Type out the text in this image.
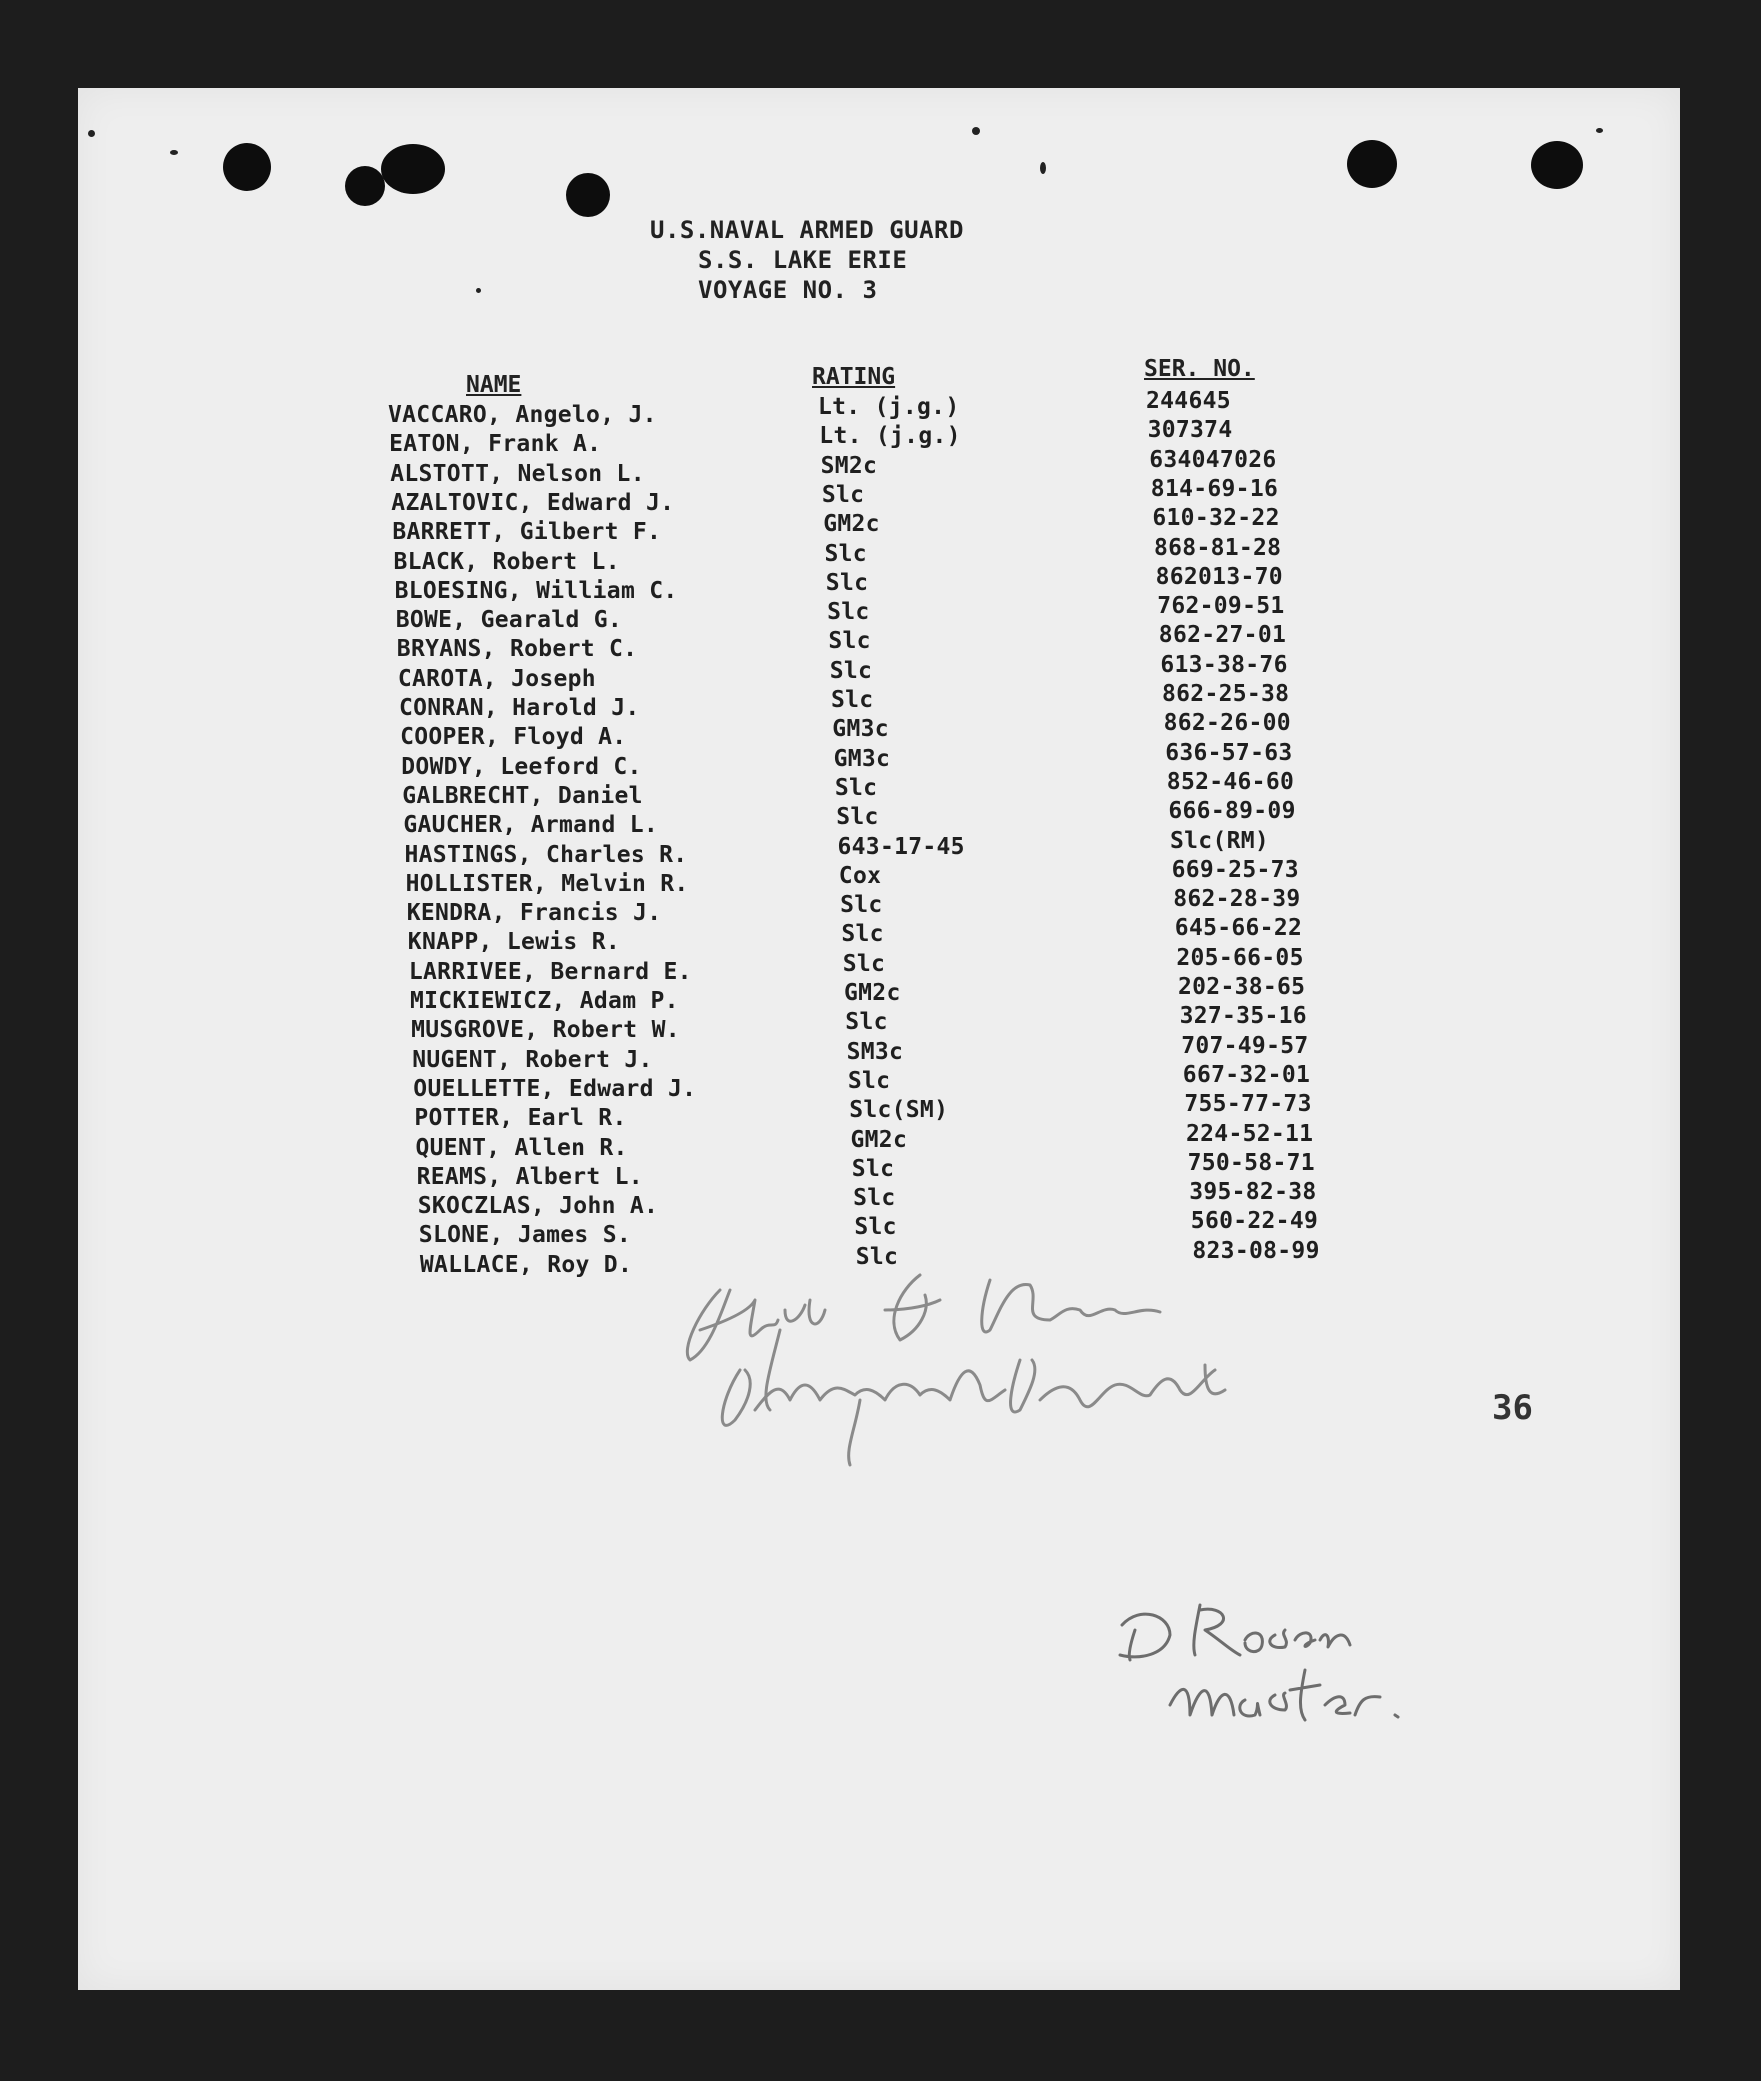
U.S.NAVAL ARMED GUARD
S.S. LAKE ERIE
VOYAGE NO. 3
NAME	RATING	SER. NO.
VACCARO, Angelo, J.	Lt. (j.g.)	244645
EATON, Frank A.	Lt. (j.g.)	307374
ALSTOTT, Nelson L.	SM2c	634047026
AZALTOVIC, Edward J.	Slc	814-69-16
BARRETT, Gilbert F.	GM2c	610-32-22
BLACK, Robert L.	Slc	868-81-28
BLOESING, William C.	Slc	862013-70
BOWE, Gearald G.	Slc	762-09-51
BRYANS, Robert C.	Slc	862-27-01
CAROTA, Joseph	Slc	613-38-76
CONRAN, Harold J.	Slc	862-25-38
COOPER, Floyd A.	GM3c	862-26-00
DOWDY, Leeford C.	GM3c	636-57-63
GALBRECHT, Daniel	Slc	852-46-60
GAUCHER, Armand L.	Slc	666-89-09
HASTINGS, Charles R.	643-17-45	Slc(RM)
HOLLISTER, Melvin R.	Cox	669-25-73
KENDRA, Francis J.	Slc	862-28-39
KNAPP, Lewis R.	Slc	645-66-22
LARRIVEE, Bernard E.	Slc	205-66-05
MICKIEWICZ, Adam P.	GM2c	202-38-65
MUSGROVE, Robert W.	Slc	327-35-16
NUGENT, Robert J.	SM3c	707-49-57
OUELLETTE, Edward J.	Slc	667-32-01
POTTER, Earl R.	Slc(SM)	755-77-73
QUENT, Allen R.	GM2c	224-52-11
REAMS, Albert L.	Slc	750-58-71
SKOCZLAS, John A.	Slc	395-82-38
SLONE, James S.	Slc	560-22-49
WALLACE, Roy D.	Slc	823-08-99
36
